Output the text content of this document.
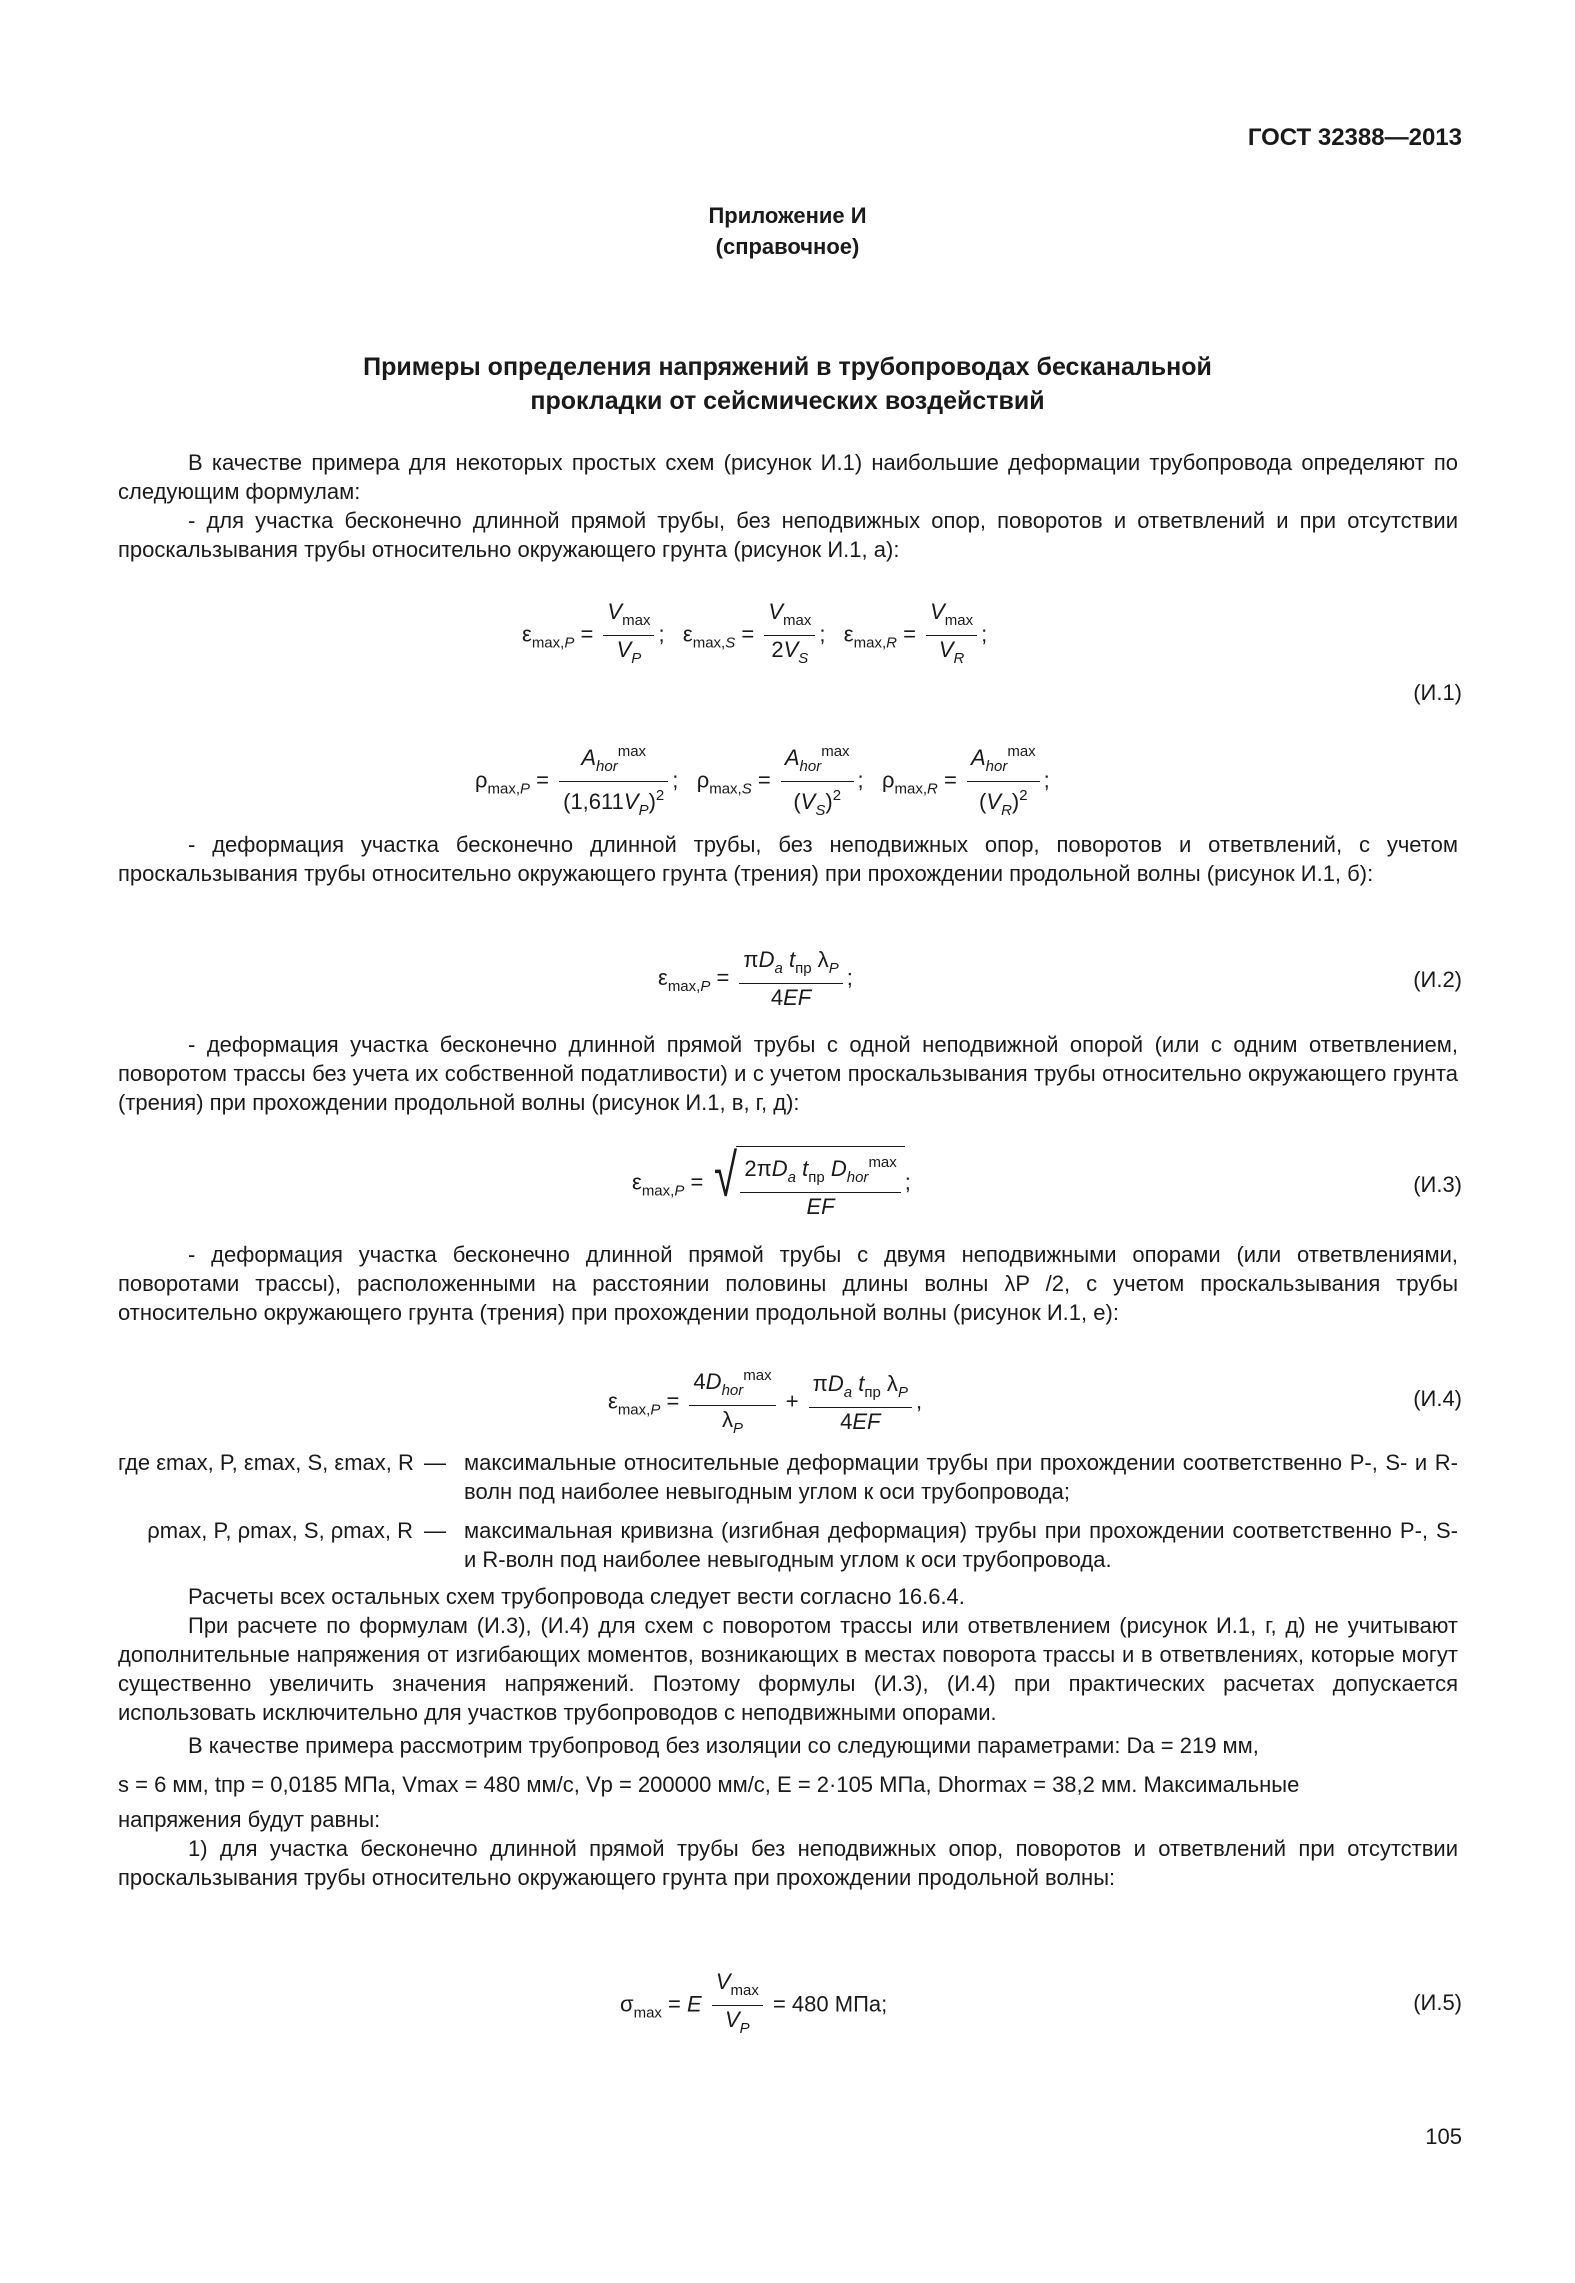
ГОСТ 32388—2013
Приложение И
(справочное)
Примеры определения напряжений в трубопроводах бесканальной
прокладки от сейсмических воздействий

В качестве примера для некоторых простых схем (рисунок И.1) наибольшие деформации трубопровода определяют по следующим формулам:

- для участка бесконечно длинной прямой трубы, без неподвижных опор, поворотов и ответвлений и при отсутствии проскальзывания трубы относительно окружающего грунта (рисунок И.1, а):

$\varepsilon_{max,P} = \frac{V_{max}}{V_P}$ ;   $\varepsilon_{max,S} = \frac{V_{max}}{2V_S}$ ;   $\varepsilon_{max,R} = \frac{V_{max}}{V_R}$ ;
(И.1)
$\rho_{max,P} = \frac{A_{hor}^{max}}{(1,611V_P)^2}$ ;   $\rho_{max,S} = \frac{A_{hor}^{max}}{(V_S)^2}$ ;   $\rho_{max,R} = \frac{A_{hor}^{max}}{(V_R)^2}$ ;

- деформация участка бесконечно длинной трубы, без неподвижных опор, поворотов и ответвлений, с учетом проскальзывания трубы относительно окружающего грунта (трения) при прохождении продольной волны (рисунок И.1, б):

$\varepsilon_{max,P} = \frac{\pi D_a t_{пр} \lambda_P}{4EF}$ ;	(И.2)

- деформация участка бесконечно длинной прямой трубы с одной неподвижной опорой (или с одним ответвлением, поворотом трассы без учета их собственной податливости) и с учетом проскальзывания трубы относительно окружающего грунта (трения) при прохождении продольной волны (рисунок И.1, в, г, д):

$\varepsilon_{max,P}$ = √ $\frac{2\pi D_a t_{пр} D_{hor}^{max}}{EF}$ ;	(И.3)

- деформация участка бесконечно длинной прямой трубы с двумя неподвижными опорами (или ответвлениями, поворотами трассы), расположенными на расстоянии половины длины волны λP /2, с учетом проскальзывания трубы относительно окружающего грунта (трения) при прохождении продольной волны (рисунок И.1, е):

$\varepsilon_{max,P} = \frac{4D_{hor}^{max}}{\lambda_P} + \frac{\pi D_a t_{пр} \lambda_P}{4EF}$ ,	(И.4)
где εmax, P, εmax, S, εmax, R — максимальные относительные деформации трубы при прохождении соответственно P-, S- и R-волн под наиболее невыгодным углом к оси трубопровода;
ρmax, P, ρmax, S, ρmax, R — максимальная кривизна (изгибная деформация) трубы при прохождении соответственно P-, S- и R-волн под наиболее невыгодным углом к оси трубопровода.

Расчеты всех остальных схем трубопровода следует вести согласно 16.6.4.

При расчете по формулам (И.3), (И.4) для схем с поворотом трассы или ответвлением (рисунок И.1, г, д) не учитывают дополнительные напряжения от изгибающих моментов, возникающих в местах поворота трассы и в ответвлениях, которые могут существенно увеличить значения напряжений. Поэтому формулы (И.3), (И.4) при практических расчетах допускается использовать исключительно для участков трубопроводов с неподвижными опорами.

В качестве примера рассмотрим трубопровод без изоляции со следующими параметрами: Da = 219 мм,

s = 6 мм, tпр = 0,0185 МПа, Vmax = 480 мм/с, Vp = 200000 мм/с, E = 2·105 МПа, Dhormax = 38,2 мм. Максимальные

напряжения будут равны:

1) для участка бесконечно длинной прямой трубы без неподвижных опор, поворотов и ответвлений при отсутствии проскальзывания трубы относительно окружающего грунта при прохождении продольной волны:

$\sigma_{max} = E \frac{V_{max}}{V_P} = 480$ МПа;	(И.5)
105
